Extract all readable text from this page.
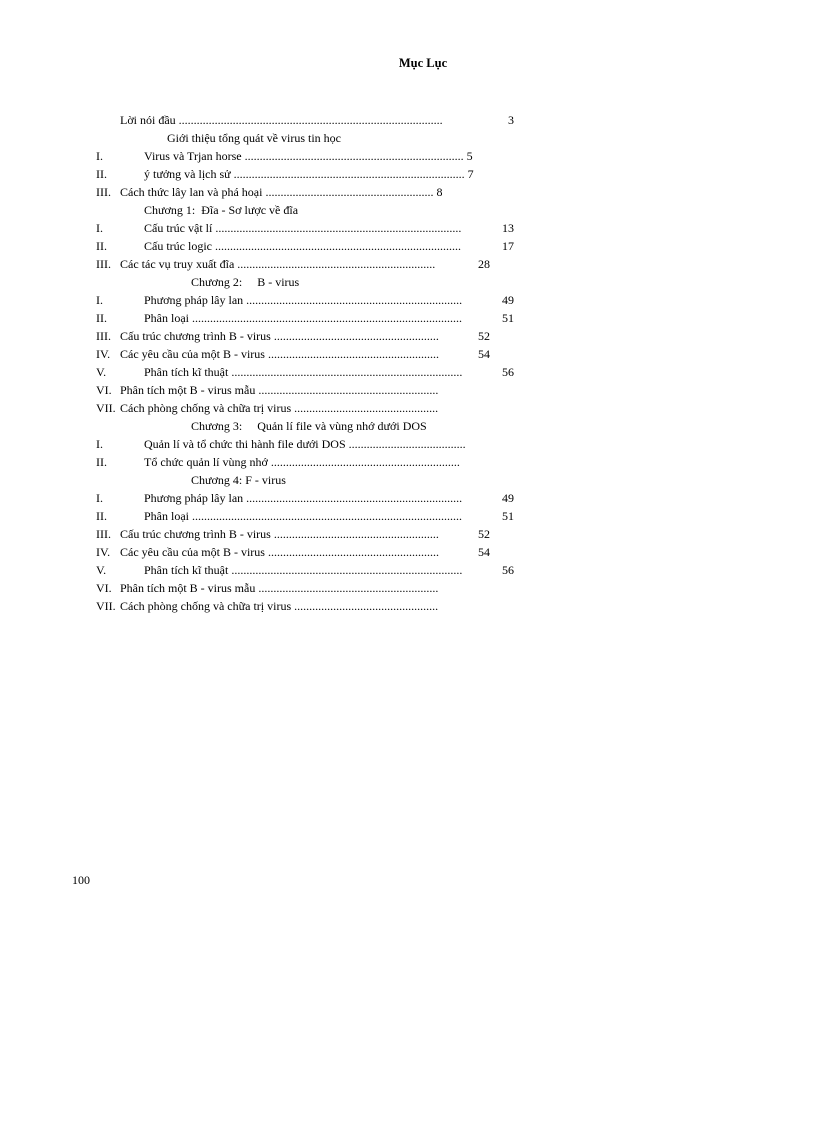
Mục Lục
Lời nói đầu ........................................................................................	3
Giới thiệu tổng quát về virus tin học
I.	Virus và Trjan horse ......................................................................... 5
II.	ý tưởng và lịch sử ............................................................................. 7
III. Cách thức lây lan và phá hoại ........................................................ 8
Chương 1:  Đĩa - Sơ lược về đĩa
I.	Cấu trúc vật lí ..................................................................................	13
II.	Cấu trúc logic ..................................................................................	17
III. Các tác vụ truy xuất đĩa ..................................................................	28
Chương 2:     B - virus
I.	Phương pháp lây lan ........................................................................	49
II.	Phân loại ..........................................................................................	51
III. Cấu trúc chương trình B - virus .......................................................	52
IV. Các yêu cầu của một B - virus .........................................................	54
V.	Phân tích kĩ thuật .............................................................................	56
VI. Phân tích một B - virus mẫu ............................................................
VII. Cách phòng chống và chữa trị virus ................................................
Chương 3:     Quản lí file và vùng nhớ dưới DOS
I.	Quản lí và tổ chức thi hành file dưới DOS .......................................
II.	Tổ chức quản lí vùng nhớ ...............................................................
Chương 4: F - virus
I.	Phương pháp lây lan ........................................................................	49
II.	Phân loại ..........................................................................................	51
III. Cấu trúc chương trình B - virus .......................................................	52
IV. Các yêu cầu của một B - virus .........................................................	54
V.	Phân tích kĩ thuật .............................................................................	56
VI. Phân tích một B - virus mẫu ............................................................
VII. Cách phòng chống và chữa trị virus ................................................
100
